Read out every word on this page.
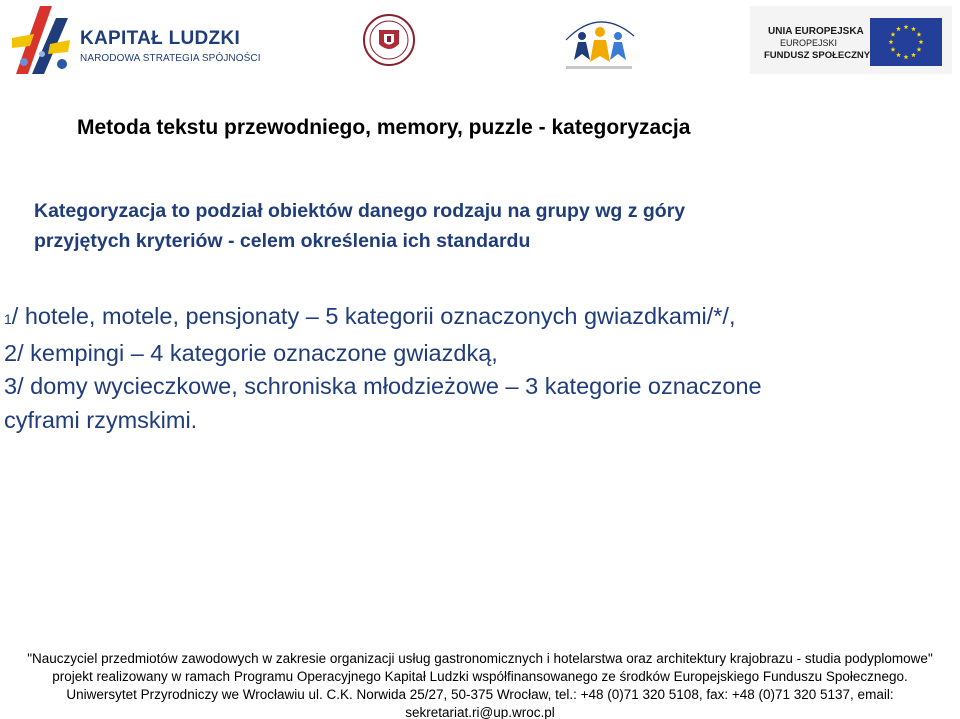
KAPITAŁ LUDZKI
NARODOWA STRATEGIA SPÓJNOŚCI
UNIA EUROPEJSKA
EUROPEJSKI
FUNDUSZ SPOŁECZNY
Metoda tekstu przewodniego, memory, puzzle - kategoryzacja
Kategoryzacja to podział obiektów danego rodzaju na grupy wg z góry
przyjętych kryteriów - celem określenia ich standardu
1/ hotele, motele, pensjonaty – 5 kategorii oznaczonych gwiazdkami/*/,
2/ kempingi – 4 kategorie oznaczone gwiazdką,
3/ domy wycieczkowe, schroniska młodzieżowe – 3 kategorie oznaczone
cyframi rzymskimi.
"Nauczyciel przedmiotów zawodowych w zakresie organizacji usług gastronomicznych i hotelarstwa oraz architektury krajobrazu - studia podyplomowe"
projekt realizowany w ramach Programu Operacyjnego Kapitał Ludzki współfinansowanego ze środków Europejskiego Funduszu Społecznego.
Uniwersytet Przyrodniczy we Wrocławiu ul. C.K. Norwida 25/27, 50-375 Wrocław, tel.: +48 (0)71 320 5108, fax: +48 (0)71 320 5137, email:
sekretariat.ri@up.wroc.pl
